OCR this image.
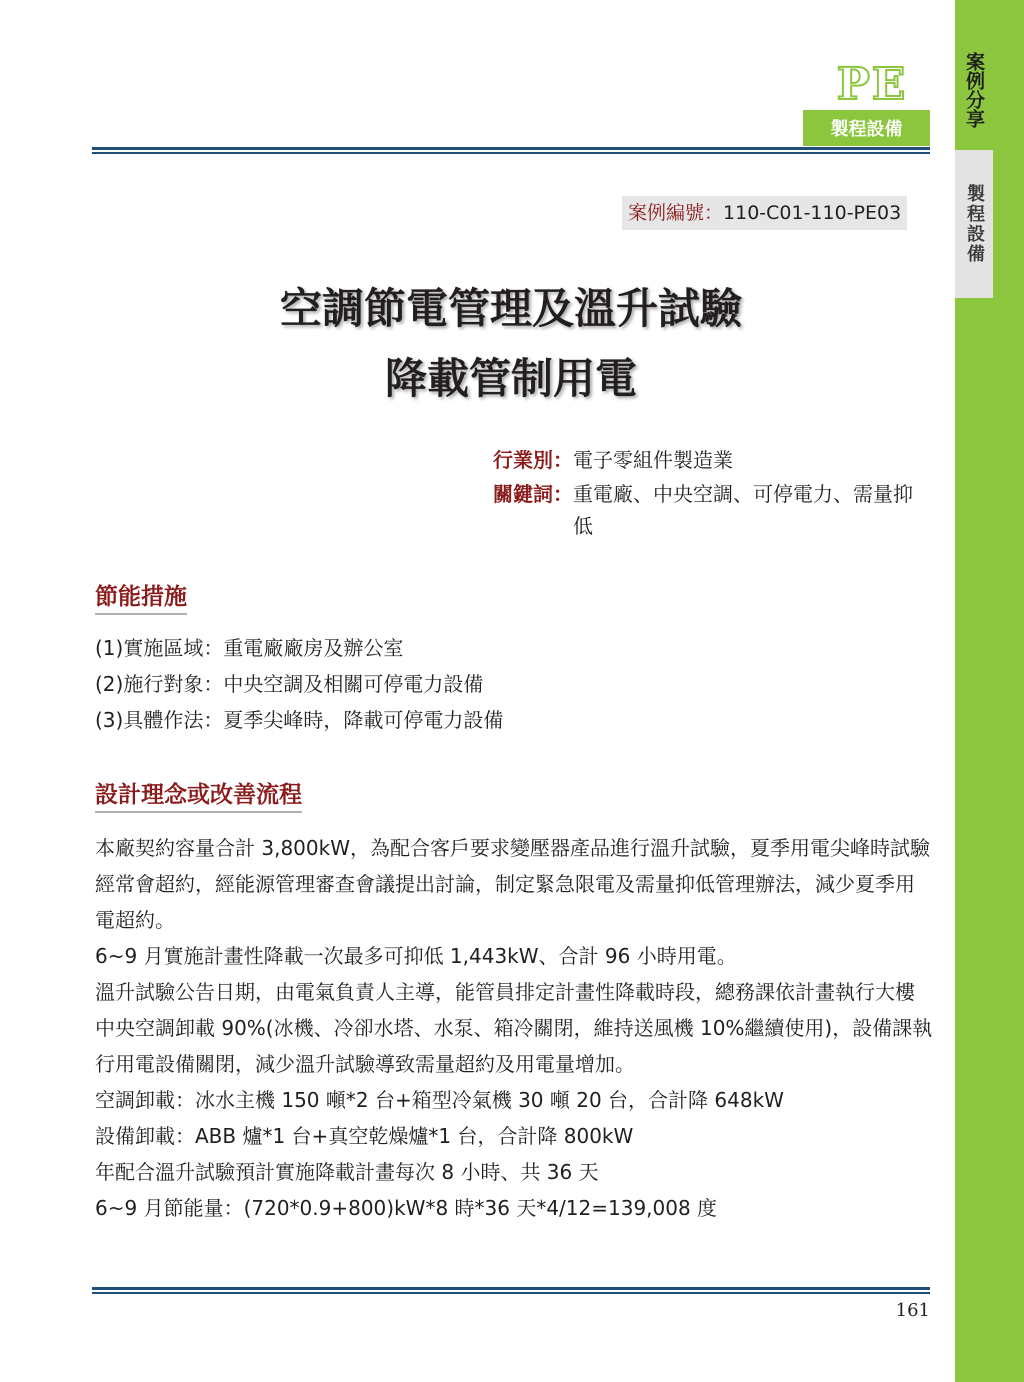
案例分享
製程設備
PE
製程設備
案例編號：110-C01-110-PE03
空調節電管理及溫升試驗
降載管制用電
行業別： 電子零組件製造業
關鍵詞： 重電廠、中央空調、可停電力、需量抑低
節能措施
(1)實施區域：重電廠廠房及辦公室
(2)施行對象：中央空調及相關可停電力設備
(3)具體作法：夏季尖峰時，降載可停電力設備
設計理念或改善流程

本廠契約容量合計 3,800kW，為配合客戶要求變壓器產品進行溫升試驗，夏季用電尖峰時試驗經常會超約，經能源管理審查會議提出討論，制定緊急限電及需量抑低管理辦法，減少夏季用電超約。

6~9 月實施計畫性降載一次最多可抑低 1,443kW、合計 96 小時用電。

溫升試驗公告日期，由電氣負責人主導，能管員排定計畫性降載時段，總務課依計畫執行大樓中央空調卸載 90%(冰機、冷卻水塔、水泵、箱冷關閉，維持送風機 10%繼續使用)，設備課執行用電設備關閉，減少溫升試驗導致需量超約及用電量增加。

空調卸載：冰水主機 150 噸*2 台+箱型冷氣機 30 噸 20 台，合計降 648kW

設備卸載：ABB 爐*1 台+真空乾燥爐*1 台，合計降 800kW

年配合溫升試驗預計實施降載計畫每次 8 小時、共 36 天

6~9 月節能量：(720*0.9+800)kW*8 時*36 天*4/12=139,008 度

161
